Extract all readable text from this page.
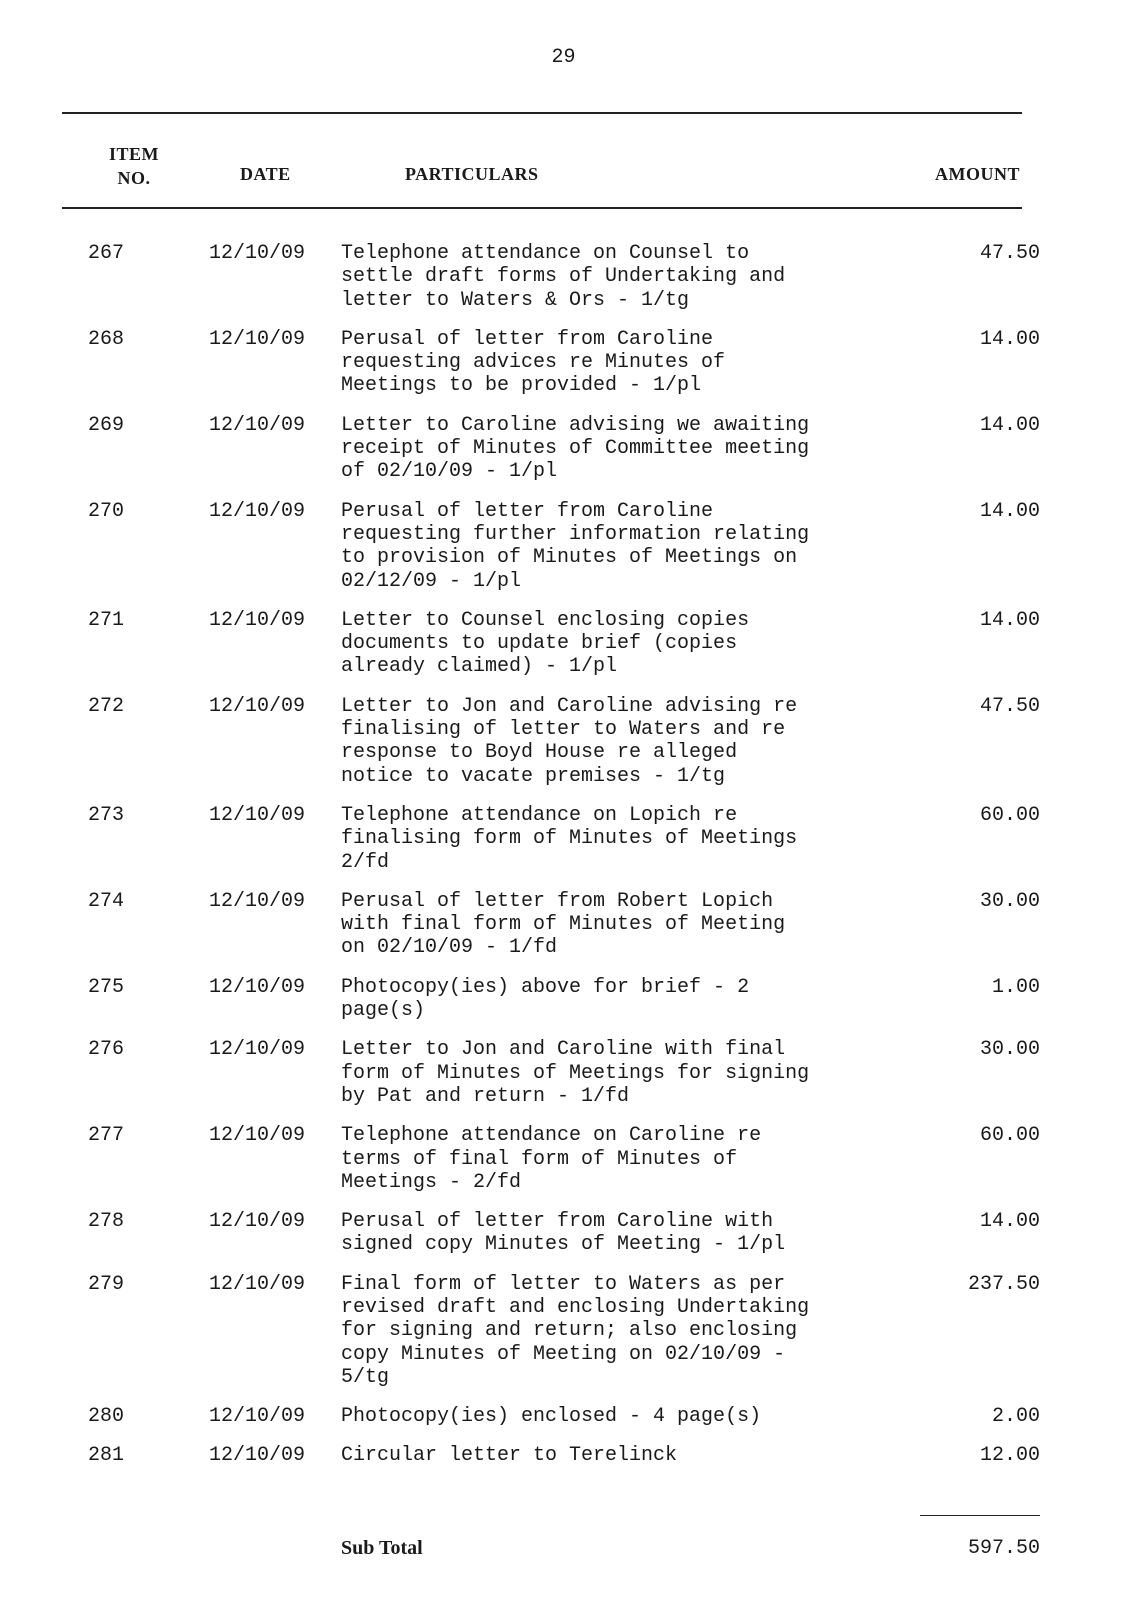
29
ITEM
NO.	DATE	PARTICULARS	AMOUNT
267	12/10/09 Telephone attendance on Counsel to
settle draft forms of Undertaking and
letter to Waters & Ors - 1/tg
47.50
268	12/10/09 Perusal of letter from Caroline
requesting advices re Minutes of
Meetings to be provided - 1/pl
14.00
269	12/10/09 Letter to Caroline advising we awaiting
receipt of Minutes of Committee meeting
of 02/10/09 - 1/pl
14.00
270	12/10/09 Perusal of letter from Caroline
requesting further information relating
to provision of Minutes of Meetings on
02/12/09 - 1/pl
14.00
271	12/10/09 Letter to Counsel enclosing copies
documents to update brief (copies
already claimed) - 1/pl
14.00
272	12/10/09 Letter to Jon and Caroline advising re
finalising of letter to Waters and re
response to Boyd House re alleged
notice to vacate premises - 1/tg
47.50
273	12/10/09 Telephone attendance on Lopich re
finalising form of Minutes of Meetings
2/fd
60.00
274	12/10/09 Perusal of letter from Robert Lopich
with final form of Minutes of Meeting
on 02/10/09 - 1/fd
30.00
275	12/10/09 Photocopy(ies) above for brief - 2
page(s)
1.00
276	12/10/09 Letter to Jon and Caroline with final
form of Minutes of Meetings for signing
by Pat and return - 1/fd
30.00
277	12/10/09 Telephone attendance on Caroline re
terms of final form of Minutes of
Meetings - 2/fd
60.00
278	12/10/09 Perusal of letter from Caroline with
signed copy Minutes of Meeting - 1/pl
14.00
279	12/10/09 Final form of letter to Waters as per
revised draft and enclosing Undertaking
for signing and return; also enclosing
copy Minutes of Meeting on 02/10/09 -
5/tg
237.50
280	12/10/09 Photocopy(ies) enclosed - 4 page(s)	2.00
281	12/10/09 Circular letter to Terelinck	12.00
Sub Total	597.50
